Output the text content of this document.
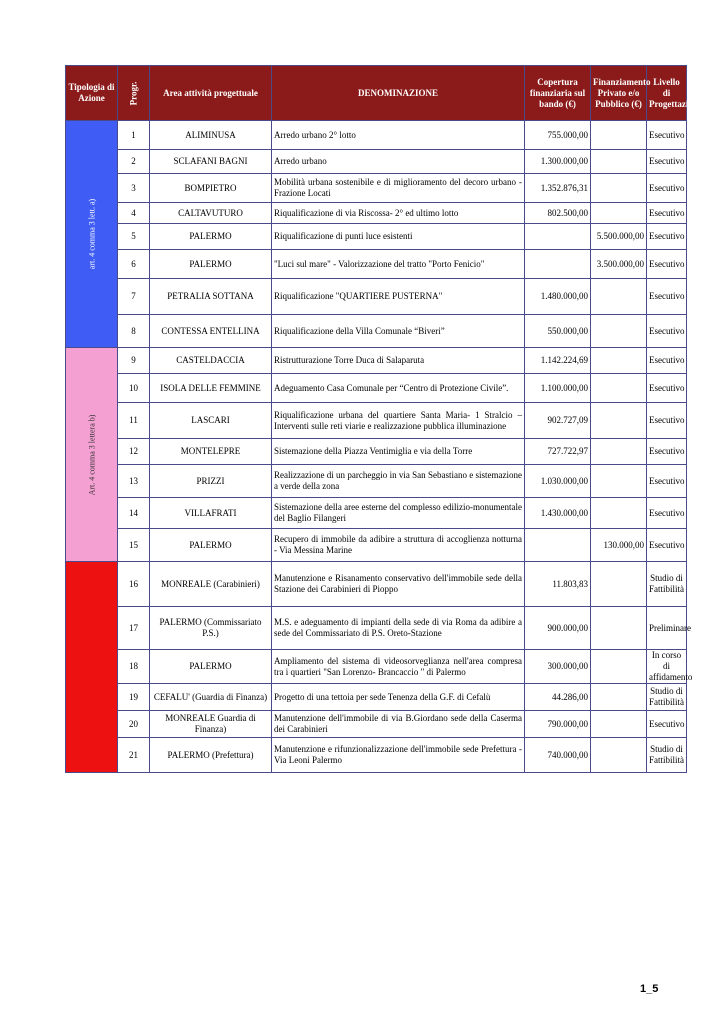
Tipologia di Azione	Progr.	Area attività progettuale	DENOMINAZIONE	Copertura finanziaria sul bando (€)	Finanziamento Privato e/o Pubblico (€)	Livello di Progettazione

art. 4 comma 3 lett. a)	1	ALIMINUSA	Arredo urbano 2° lotto	755.000,00		Esecutivo
	2	SCLAFANI BAGNI	Arredo urbano	1.300.000,00		Esecutivo
	3	BOMPIETRO	Mobilità urbana sostenibile e di miglioramento del decoro urbano - Frazione Locati	1.352.876,31		Esecutivo
	4	CALTAVUTURO	Riqualificazione di via Riscossa- 2° ed ultimo lotto	802.500,00		Esecutivo
	5	PALERMO	Riqualificazione di punti luce esistenti		5.500.000,00	Esecutivo
	6	PALERMO	"Luci sul mare" - Valorizzazione del tratto "Porto Fenicio"		3.500.000,00	Esecutivo
	7	PETRALIA SOTTANA	Riqualificazione "QUARTIERE PUSTERNA"	1.480.000,00		Esecutivo
	8	CONTESSA ENTELLINA	Riqualificazione della Villa Comunale “Biveri”	550.000,00		Esecutivo

Art. 4 comma 3 lettera b)	9	CASTELDACCIA	Ristrutturazione Torre Duca di Salaparuta	1.142.224,69		Esecutivo
	10	ISOLA DELLE FEMMINE	Adeguamento Casa Comunale per “Centro di Protezione Civile”.	1.100.000,00		Esecutivo
	11	LASCARI	Riqualificazione urbana del quartiere Santa Maria- 1 Stralcio – Interventi sulle reti viarie e realizzazione pubblica illuminazione	902.727,09		Esecutivo
	12	MONTELEPRE	Sistemazione della Piazza Ventimiglia e via della Torre	727.722,97		Esecutivo
	13	PRIZZI	Realizzazione di un parcheggio in via San Sebastiano e sistemazione a verde della zona	1.030.000,00		Esecutivo
	14	VILLAFRATI	Sistemazione della aree esterne del complesso edilizio-monumentale del Baglio Filangeri	1.430.000,00		Esecutivo
	15	PALERMO	Recupero di immobile da adibire a struttura di accoglienza notturna - Via Messina Marine		130.000,00	Esecutivo

	16	MONREALE (Carabinieri)	Manutenzione e Risanamento conservativo dell'immobile sede della Stazione dei Carabinieri di Pioppo	11.803,83		Studio di Fattibilità
	17	PALERMO (Commissariato P.S.)	M.S. e adeguamento di impianti della sede di via Roma da adibire a sede del Commissariato di P.S. Oreto-Stazione	900.000,00		Preliminare
	18	PALERMO	Ampliamento del sistema di videosorveglianza nell'area compresa tra i quartieri "San Lorenzo- Brancaccio " di Palermo	300.000,00		In corso di affidamento
	19	CEFALU' (Guardia di Finanza)	Progetto di una tettoia per sede Tenenza della G.F. di Cefalù	44.286,00		Studio di Fattibilità
	20	MONREALE Guardia di Finanza)	Manutenzione dell'immobile di via B.Giordano sede della Caserma dei Carabinieri	790.000,00		Esecutivo
	21	PALERMO (Prefettura)	Manutenzione e rifunzionalizzazione dell'immobile sede Prefettura - Via Leoni Palermo	740.000,00		Studio di Fattibilità
1_5
